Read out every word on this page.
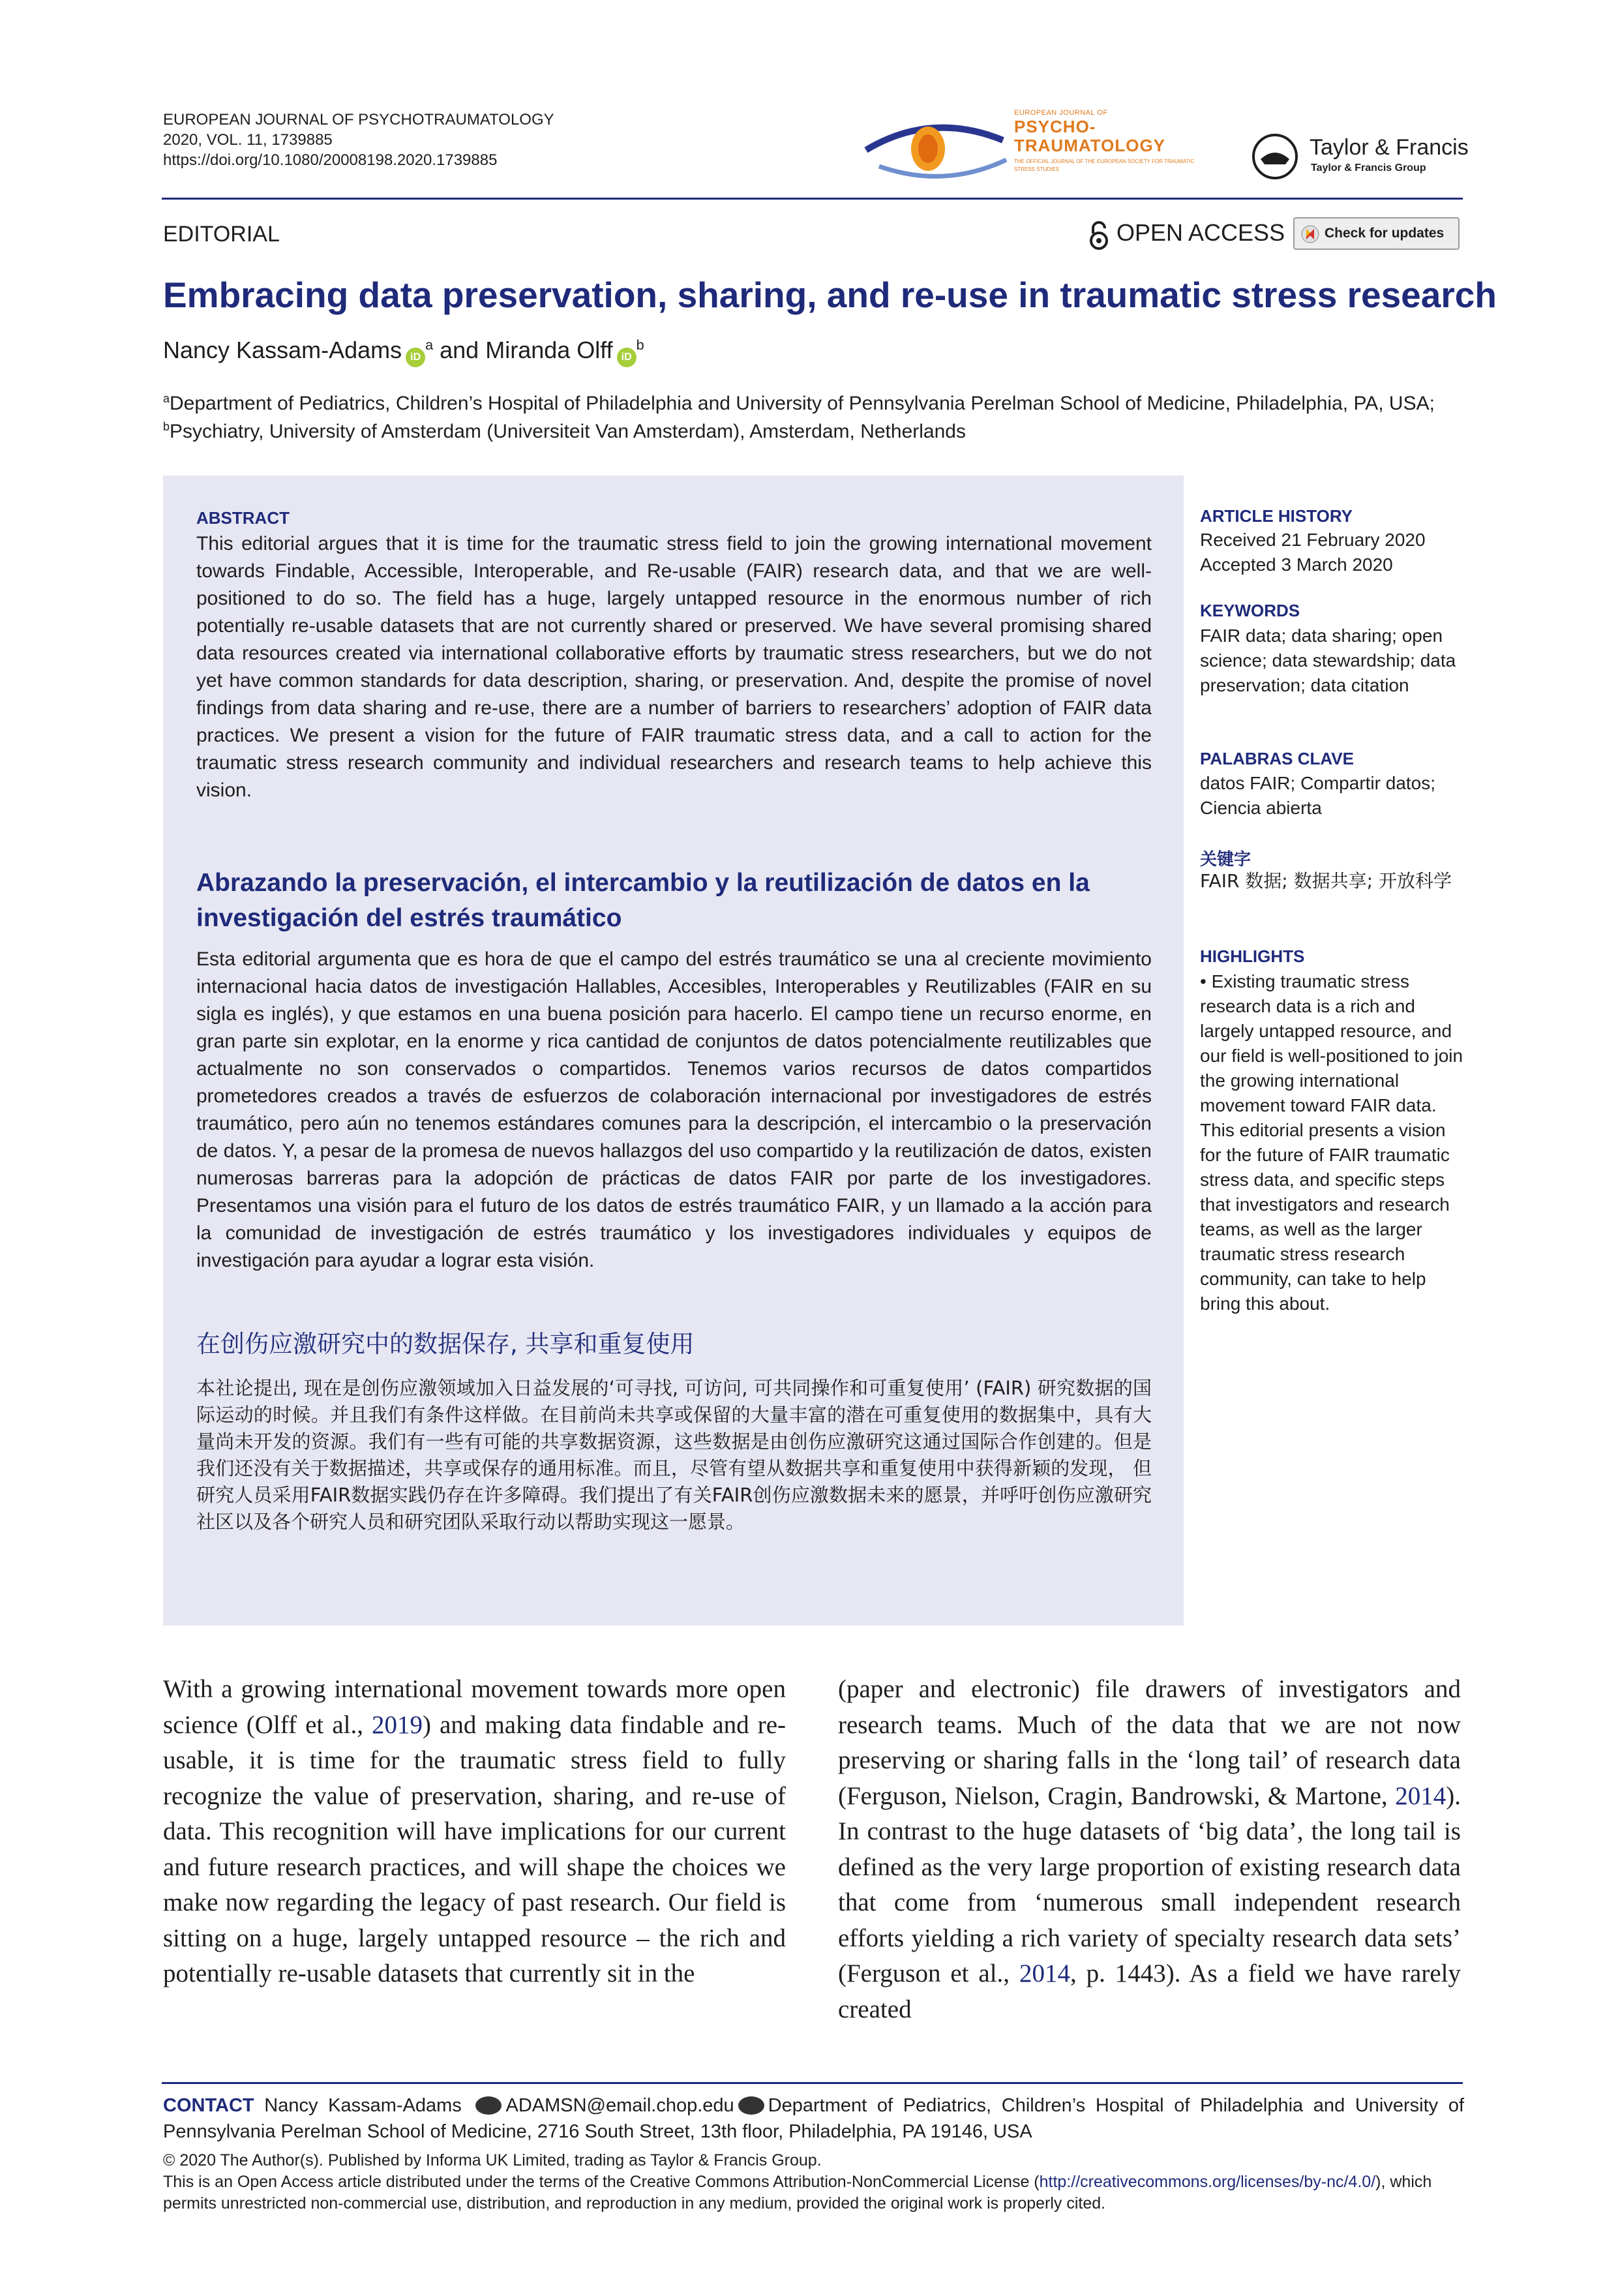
EUROPEAN JOURNAL OF PSYCHOTRAUMATOLOGY
2020, VOL. 11, 1739885
https://doi.org/10.1080/20008198.2020.1739885
EUROPEAN JOURNAL OF
PSYCHO-
TRAUMATOLOGY
THE OFFICIAL JOURNAL OF THE EUROPEAN SOCIETY FOR TRAUMATIC STRESS STUDIES
Taylor & Francis
Taylor & Francis Group
EDITORIAL	OPEN ACCESS	Check for updates
Embracing data preservation, sharing, and re-use in traumatic stress research
Nancy Kassam-Adams $iD^a$ and Miranda Olff $iD^b$
$^a$Department of Pediatrics, Children’s Hospital of Philadelphia and University of Pennsylvania Perelman School of Medicine, Philadelphia, PA, USA; $^b$Psychiatry, University of Amsterdam (Universiteit Van Amsterdam), Amsterdam, Netherlands
ABSTRACT
This editorial argues that it is time for the traumatic stress field to join the growing international movement towards Findable, Accessible, Interoperable, and Re-usable (FAIR) research data, and that we are well-positioned to do so. The field has a huge, largely untapped resource in the enormous number of rich potentially re-usable datasets that are not currently shared or preserved. We have several promising shared data resources created via international collaborative efforts by traumatic stress researchers, but we do not yet have common standards for data description, sharing, or preservation. And, despite the promise of novel findings from data sharing and re-use, there are a number of barriers to researchers’ adoption of FAIR data practices. We present a vision for the future of FAIR traumatic stress data, and a call to action for the traumatic stress research community and individual researchers and research teams to help achieve this vision.
Abrazando la preservación, el intercambio y la reutilización de datos en la investigación del estrés traumático
Esta editorial argumenta que es hora de que el campo del estrés traumático se una al creciente movimiento internacional hacia datos de investigación Hallables, Accesibles, Interoperables y Reutilizables (FAIR en su sigla es inglés), y que estamos en una buena posición para hacerlo. El campo tiene un recurso enorme, en gran parte sin explotar, en la enorme y rica cantidad de conjuntos de datos potencialmente reutilizables que actualmente no son conservados o compartidos. Tenemos varios recursos de datos compartidos prometedores creados a través de esfuerzos de colaboración internacional por investigadores de estrés traumático, pero aún no tenemos estándares comunes para la descripción, el intercambio o la preservación de datos. Y, a pesar de la promesa de nuevos hallazgos del uso compartido y la reutilización de datos, existen numerosas barreras para la adopción de prácticas de datos FAIR por parte de los investigadores. Presentamos una visión para el futuro de los datos de estrés traumático FAIR, y un llamado a la acción para la comunidad de investigación de estrés traumático y los investigadores individuales y equipos de investigación para ayudar a lograr esta visión.
在创伤应激研究中的数据保存, 共享和重复使用
本社论提出, 现在是创伤应激领域加入日益发展的‘可寻找, 可访问, 可共同操作和可重复使用’ (FAIR) 研究数据的国际运动的时候。并且我们有条件这样做。在目前尚未共享或保留的大量丰富的潜在可重复使用的数据集中，具有大量尚未开发的资源。我们有一些有可能的共享数据资源，这些数据是由创伤应激研究这通过国际合作创建的。但是我们还没有关于数据描述，共享或保存的通用标准。而且，尽管有望从数据共享和重复使用中获得新颖的发现， 但研究人员采用FAIR数据实践仍存在许多障碍。我们提出了有关FAIR创伤应激数据未来的愿景，并呼吁创伤应激研究社区以及各个研究人员和研究团队采取行动以帮助实现这一愿景。
ARTICLE HISTORY
Received 21 February 2020
Accepted 3 March 2020
KEYWORDS
FAIR data; data sharing; open science; data stewardship; data preservation; data citation
PALABRAS CLAVE
datos FAIR; Compartir datos; Ciencia abierta
关键字
FAIR 数据; 数据共享; 开放科学
HIGHLIGHTS
• Existing traumatic stress research data is a rich and largely untapped resource, and our field is well-positioned to join the growing international movement toward FAIR data. This editorial presents a vision for the future of FAIR traumatic stress data, and specific steps that investigators and research teams, as well as the larger traumatic stress research community, can take to help bring this about.
With a growing international movement towards more open science (Olff et al., 2019) and making data findable and re-usable, it is time for the traumatic stress field to fully recognize the value of preservation, sharing, and re-use of data. This recognition will have implications for our current and future research practices, and will shape the choices we make now regarding the legacy of past research. Our field is sitting on a huge, largely untapped resource – the rich and potentially re-usable datasets that currently sit in the
(paper and electronic) file drawers of investigators and research teams. Much of the data that we are not now preserving or sharing falls in the ‘long tail’ of research data (Ferguson, Nielson, Cragin, Bandrowski, & Martone, 2014). In contrast to the huge datasets of ‘big data’, the long tail is defined as the very large proportion of existing research data that come from ‘numerous small independent research efforts yielding a rich variety of specialty research data sets’ (Ferguson et al., 2014, p. 1443). As a field we have rarely created
CONTACT Nancy Kassam-Adams ADAMSN@email.chop.edu Department of Pediatrics, Children’s Hospital of Philadelphia and University of Pennsylvania Perelman School of Medicine, 2716 South Street, 13th floor, Philadelphia, PA 19146, USA
© 2020 The Author(s). Published by Informa UK Limited, trading as Taylor & Francis Group.
This is an Open Access article distributed under the terms of the Creative Commons Attribution-NonCommercial License (http://creativecommons.org/licenses/by-nc/4.0/), which permits unrestricted non-commercial use, distribution, and reproduction in any medium, provided the original work is properly cited.
